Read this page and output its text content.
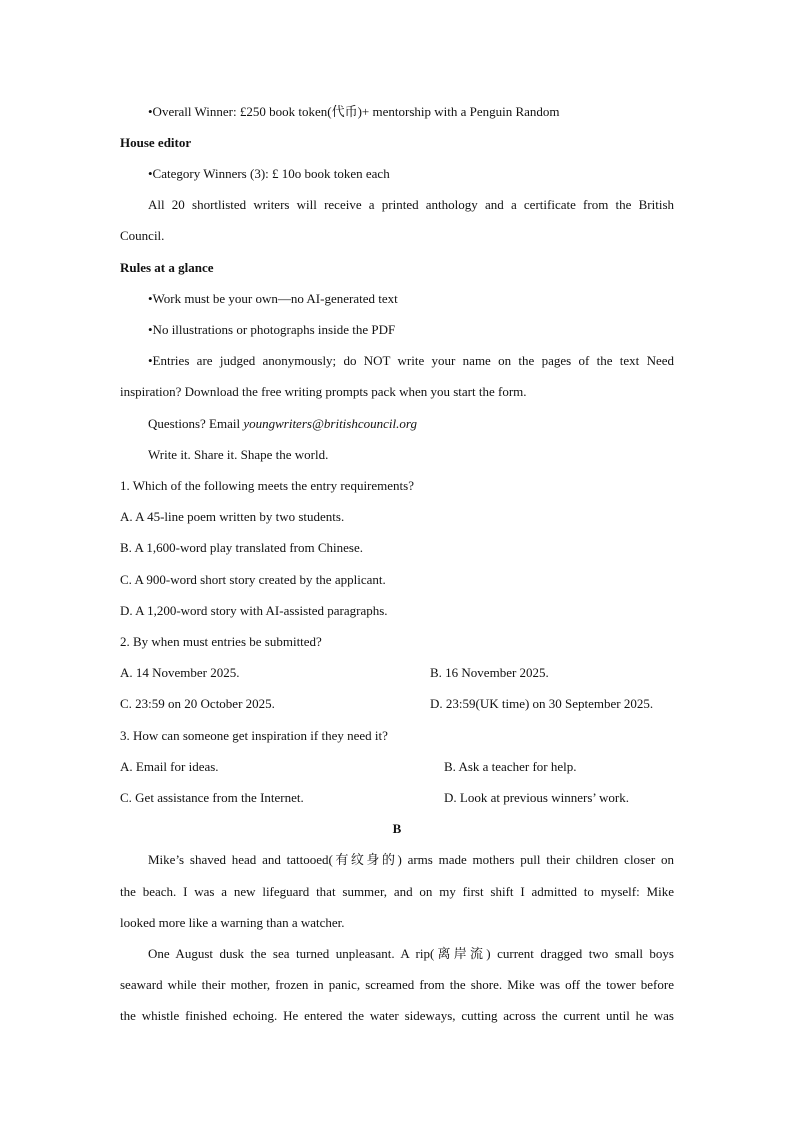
•Overall Winner: £250 book token(代币)+ mentorship with a Penguin Random
House editor
•Category Winners (3): £ 10o book token each
All 20 shortlisted writers will receive a printed anthology and a certificate from the British
Council.
Rules at a glance
•Work must be your own—no AI-generated text
•No illustrations or photographs inside the PDF
•Entries are judged anonymously; do NOT write your name on the pages of the text Need
inspiration? Download the free writing prompts pack when you start the form.
Questions? Email youngwriters@britishcouncil.org
Write it. Share it. Shape the world.
1. Which of the following meets the entry requirements?
A. A 45-line poem written by two students.
B. A 1,600-word play translated from Chinese.
C. A 900-word short story created by the applicant.
D. A 1,200-word story with AI-assisted paragraphs.
2. By when must entries be submitted?
A. 14 November 2025.	B. 16 November 2025.
C. 23:59 on 20 October 2025.	D. 23:59(UK time) on 30 September 2025.
3. How can someone get inspiration if they need it?
A. Email for ideas.	B. Ask a teacher for help.
C. Get assistance from the Internet.	D. Look at previous winners’ work.
B
Mike’s shaved head and tattooed(有纹身的) arms made mothers pull their children closer on
the beach. I was a new lifeguard that summer, and on my first shift I admitted to myself: Mike
looked more like a warning than a watcher.
One August dusk the sea turned unpleasant. A rip(离岸流) current dragged two small boys
seaward while their mother, frozen in panic, screamed from the shore. Mike was off the tower before
the whistle finished echoing. He entered the water sideways, cutting across the current until he was
